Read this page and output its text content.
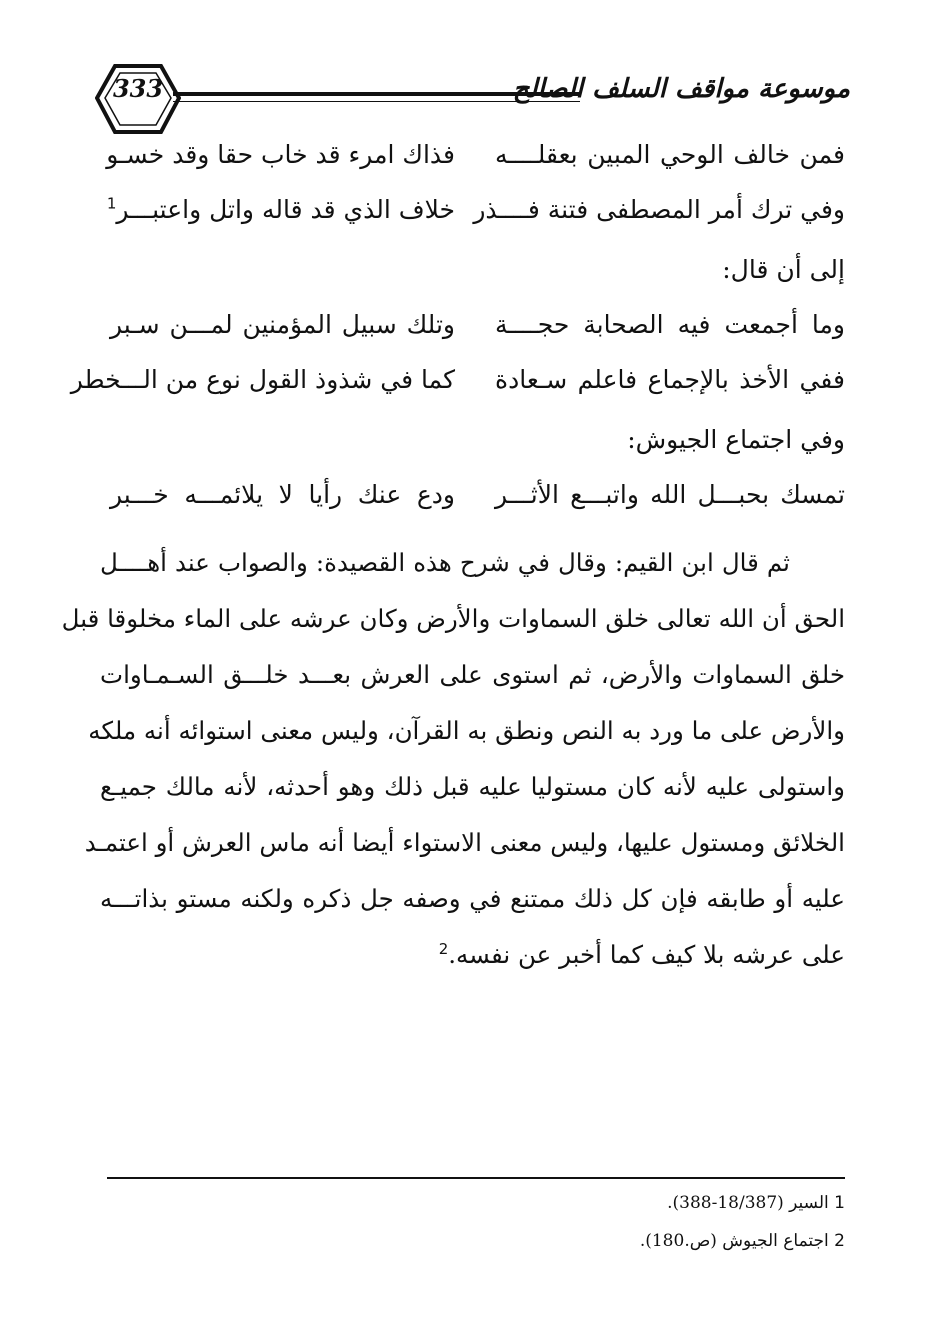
333	موسوعة مواقف السلف الصالح
فمن خالف الوحي المبين بعقلــــه
فذاك امرء قد خاب حقا وقد خسـو
وفي ترك أمر المصطفى فتنة فــــذر
خلاف الذي قد قاله واتل واعتبـــر$^1$
إلى أن قال:
وما أجمعت فيه الصحابة حجــــة
وتلك سبيل المؤمنين لمـــن سـبر
ففي الأخذ بالإجماع فاعلم سـعادة
كما في شذوذ القول نوع من الـــخطر
وفي اجتماع الجيوش:
تمسك بحبـــل الله واتبـــع الأثـــر
ودع عنك رأيا لا يلائمـــه خـــبر
ثم قال ابن القيم: وقال في شرح هذه القصيدة: والصواب عند أهــــل
الحق أن الله تعالى خلق السماوات والأرض وكان عرشه على الماء مخلوقا قبل
خلق السماوات والأرض، ثم استوى على العرش بعـــد خلـــق السـمـاوات
والأرض على ما ورد به النص ونطق به القرآن، وليس معنى استوائه أنه ملكه
واستولى عليه لأنه كان مستوليا عليه قبل ذلك وهو أحدثه، لأنه مالك جميـع
الخلائق ومستول عليها، وليس معنى الاستواء أيضا أنه ماس العرش أو اعتمـد
عليه أو طابقه فإن كل ذلك ممتنع في وصفه جل ذكره ولكنه مستو بذاتـــه
على عرشه بلا كيف كما أخبر عن نفسه.$^2$
1 السير (18/387-388).
2 اجتماع الجيوش (ص.180).
